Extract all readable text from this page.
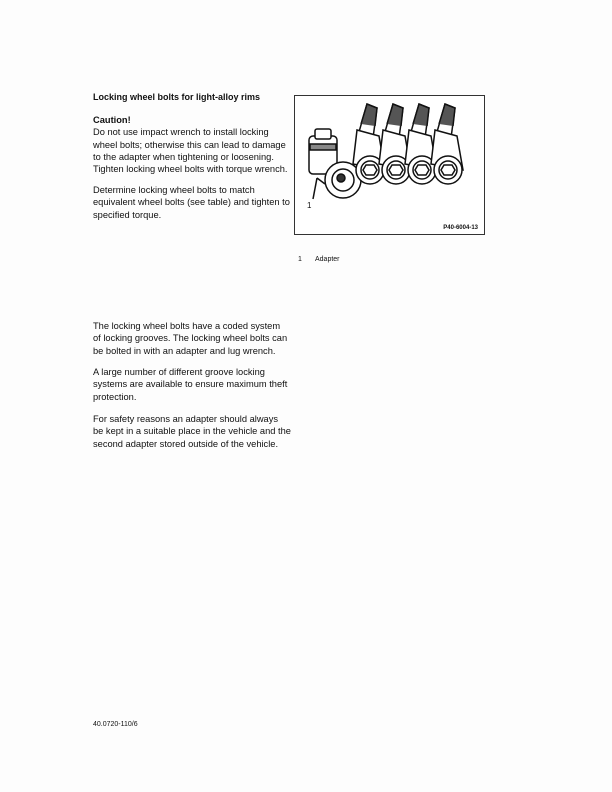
Locking wheel bolts for light-alloy rims
Caution!
Do not use impact wrench to install locking
wheel bolts; otherwise this can lead to damage
to the adapter when tightening or loosening.
Tighten locking wheel bolts with torque wrench.
Determine locking wheel bolts to match
equivalent wheel bolts (see table) and tighten to
specified torque.
1
P40-6004-13
1 Adapter
The locking wheel bolts have a coded system
of locking grooves. The locking wheel bolts can
be bolted in with an adapter and lug wrench.
A large number of different groove locking
systems are available to ensure maximum theft
protection.
For safety reasons an adapter should always
be kept in a suitable place in the vehicle and the
second adapter stored outside of the vehicle.
40.0720-110/6
